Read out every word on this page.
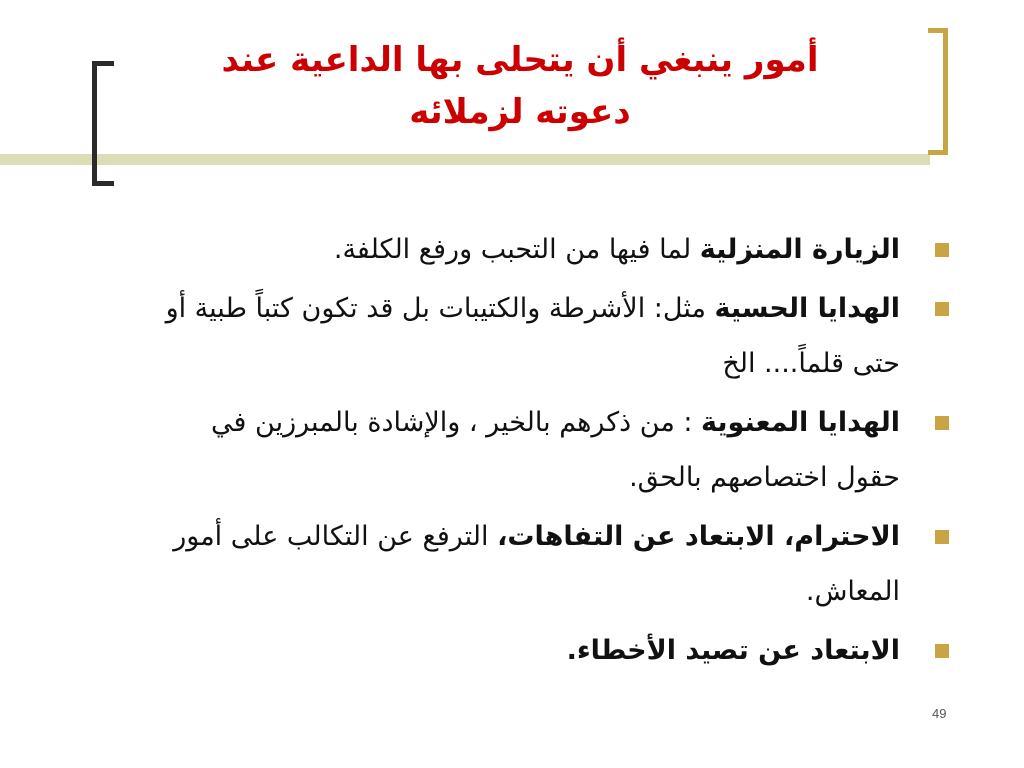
أمور ينبغي أن يتحلى بها الداعية عند
دعوته لزملائه
الزيارة المنزلية لما فيها من التحبب ورفع الكلفة.
الهدايا الحسية مثل: الأشرطة والكتيبات بل قد تكون كتباً طبية أو حتى قلماً.... الخ
الهدايا المعنوية : من ذكرهم بالخير ، والإشادة بالمبرزين في حقول اختصاصهم بالحق.
الاحترام، الابتعاد عن التفاهات، الترفع عن التكالب على أمور المعاش.
الابتعاد عن تصيد الأخطاء.
49
